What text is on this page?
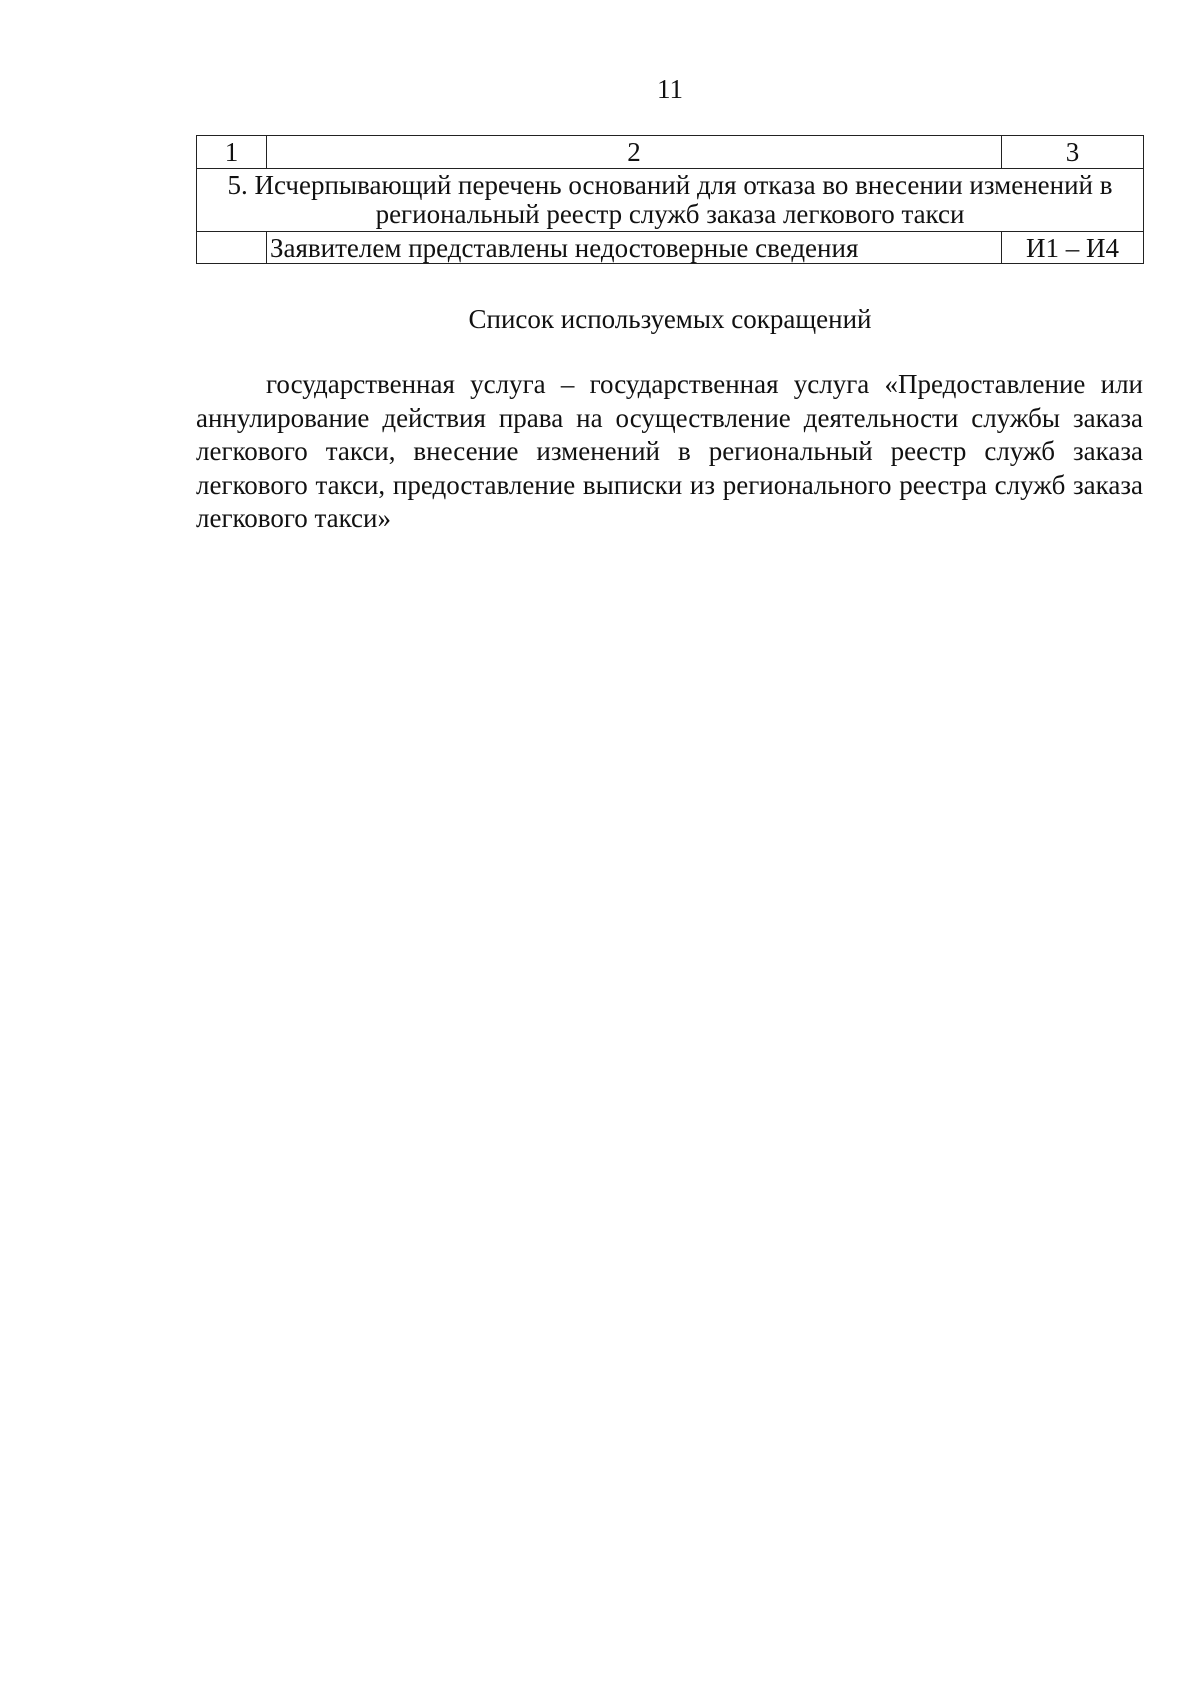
11
1	2	3
5. Исчерпывающий перечень оснований для отказа во внесении изменений в региональный реестр служб заказа легкового такси		
	Заявителем представлены недостоверные сведения	И1 – И4
Список используемых сокращений

государственная услуга – государственная услуга «Предоставление или аннулирование действия права на осуществление деятельности службы заказа легкового такси, внесение изменений в региональный реестр служб заказа легкового такси, предоставление выписки из регионального реестра служб заказа легкового такси»
